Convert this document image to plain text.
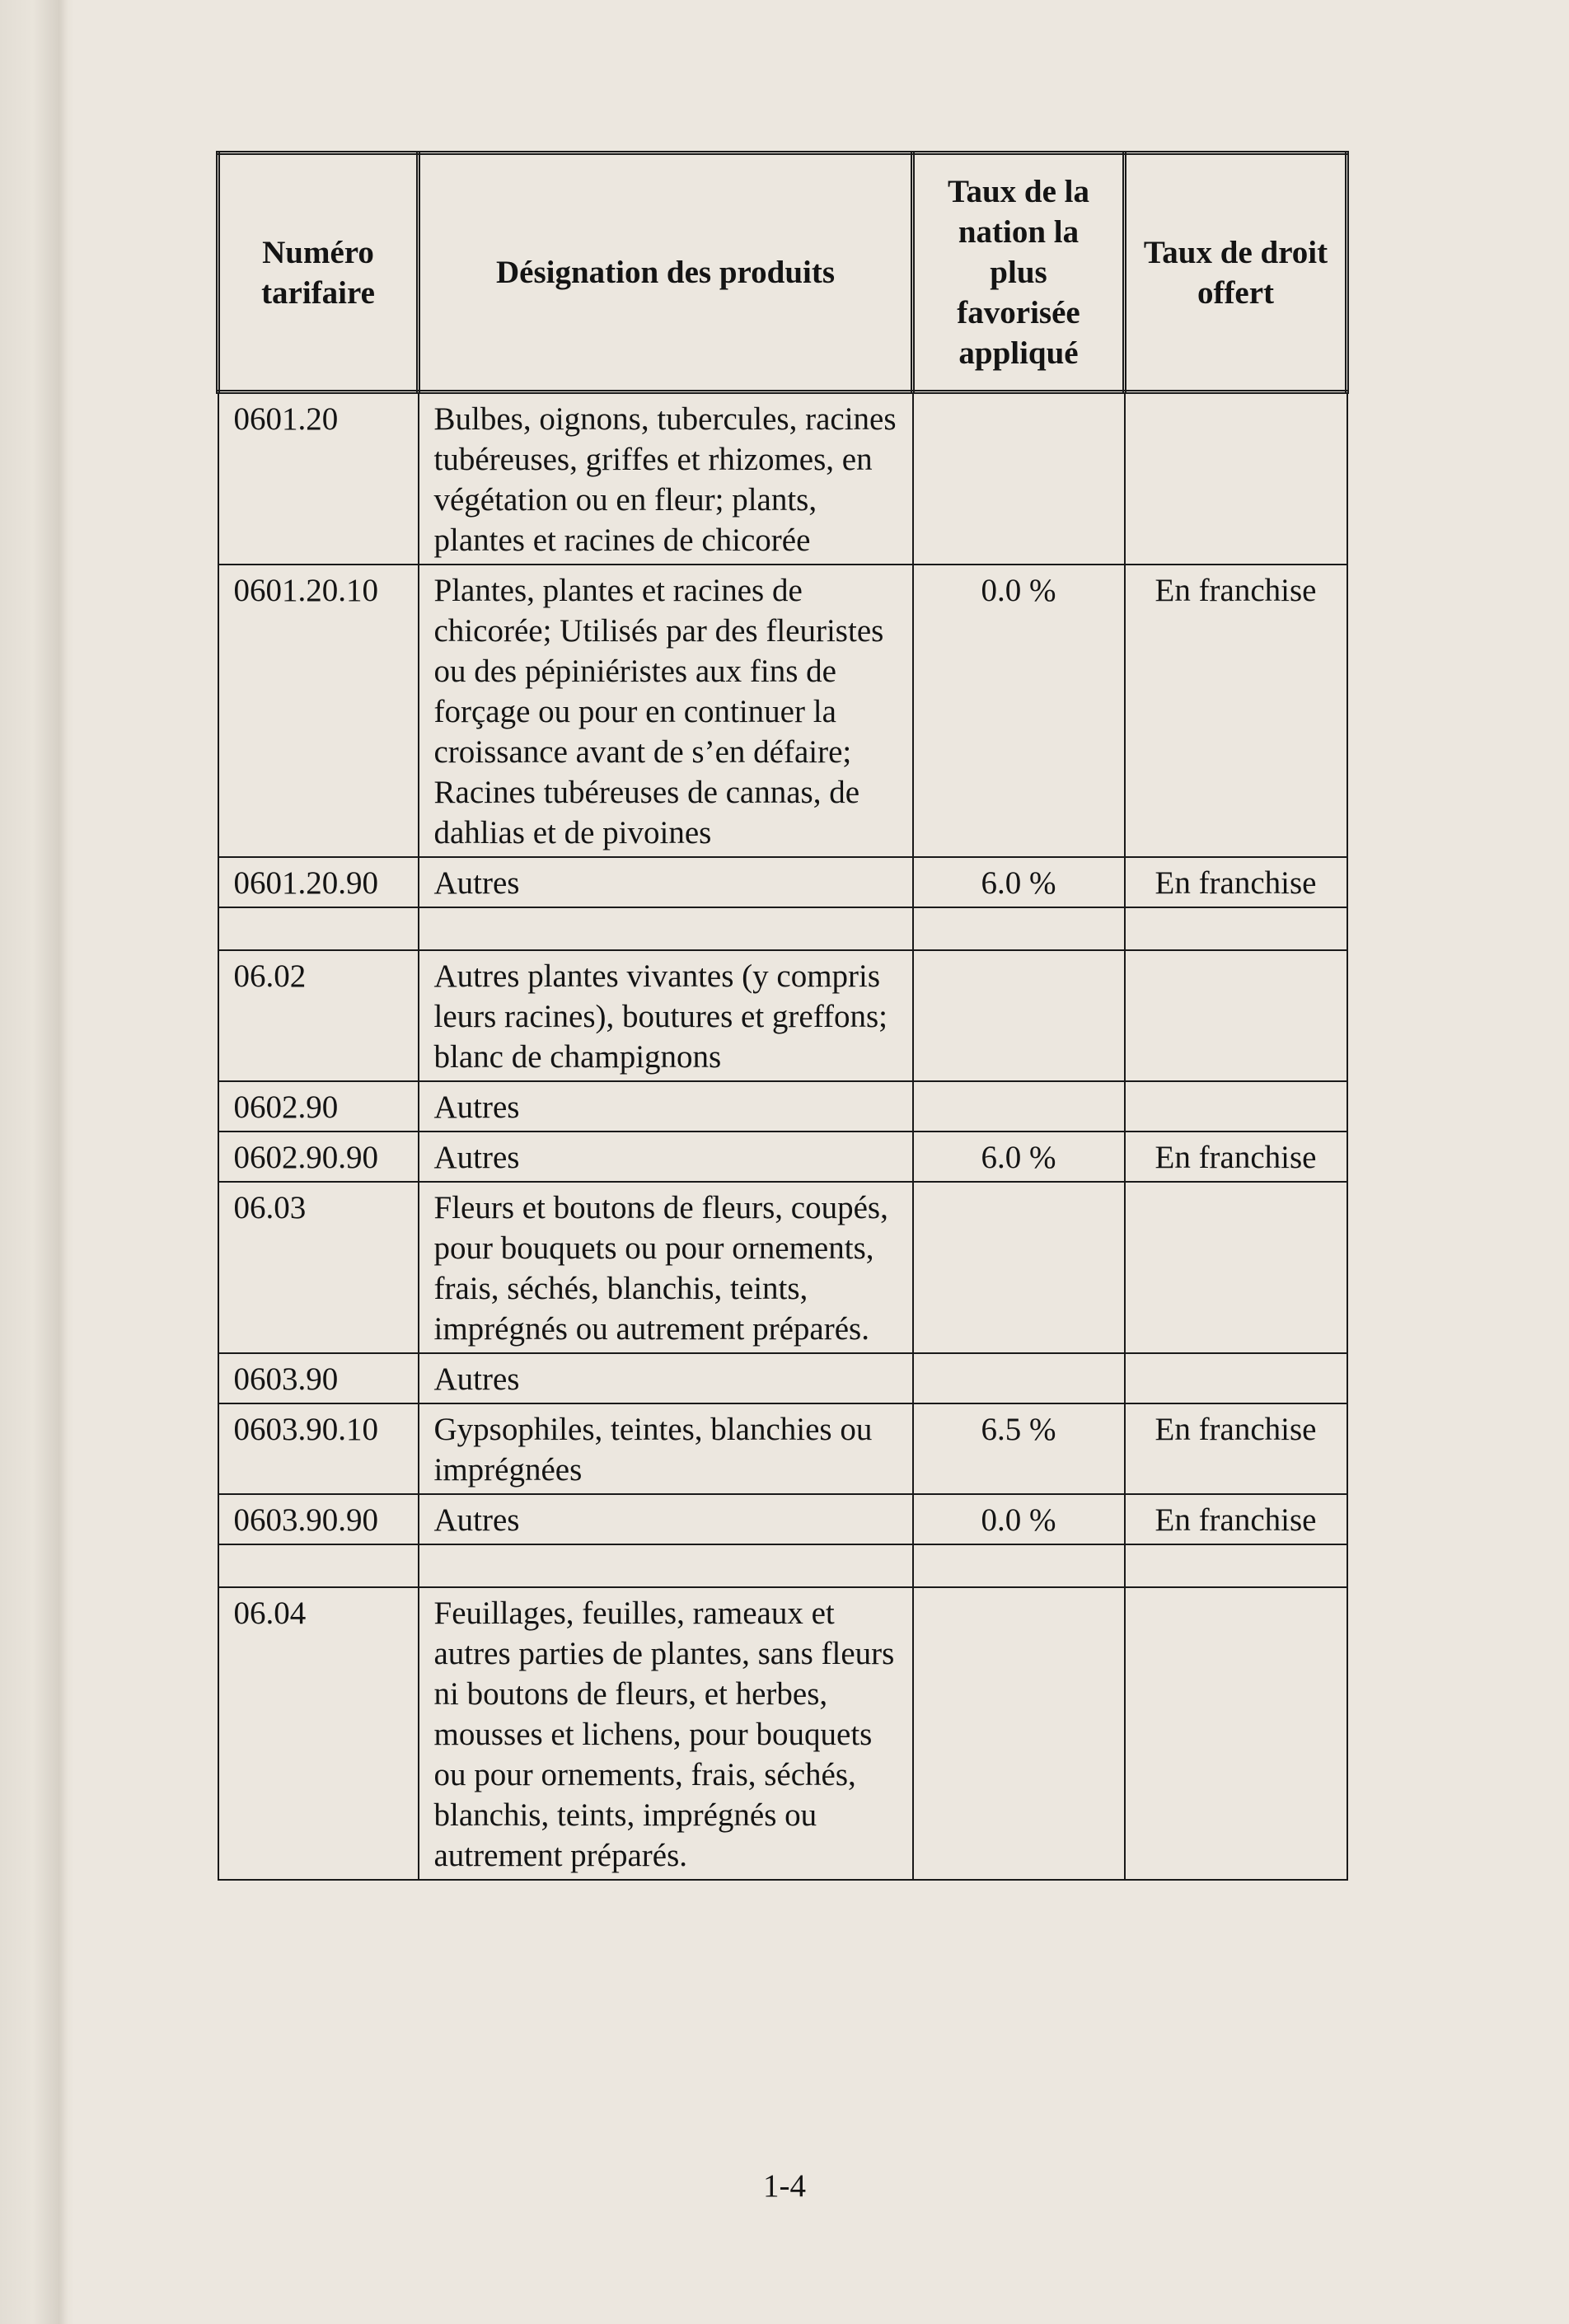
Numéro tarifaire	Désignation des produits	Taux de la nation la plus favorisée appliqué	Taux de droit offert
0601.20	Bulbes, oignons, tubercules, racines tubéreuses, griffes et rhizomes, en végétation ou en fleur; plants, plantes et racines de chicorée		
0601.20.10	Plantes, plantes et racines de chicorée; Utilisés par des fleuristes ou des pépiniéristes aux fins de forçage ou pour en continuer la croissance avant de s’en défaire; Racines tubéreuses de cannas, de dahlias et de pivoines	0.0 %	En franchise
0601.20.90	Autres	6.0 %	En franchise

06.02	Autres plantes vivantes (y compris leurs racines), boutures et greffons; blanc de champignons		
0602.90	Autres		
0602.90.90	Autres	6.0 %	En franchise
06.03	Fleurs et boutons de fleurs, coupés, pour bouquets ou pour ornements, frais, séchés, blanchis, teints, imprégnés ou autrement préparés.		
0603.90	Autres		
0603.90.10	Gypsophiles, teintes, blanchies ou imprégnées	6.5 %	En franchise
0603.90.90	Autres	0.0 %	En franchise

06.04	Feuillages, feuilles, rameaux et autres parties de plantes, sans fleurs ni boutons de fleurs, et herbes, mousses et lichens, pour bouquets ou pour ornements, frais, séchés, blanchis, teints, imprégnés ou autrement préparés.		
1-4
